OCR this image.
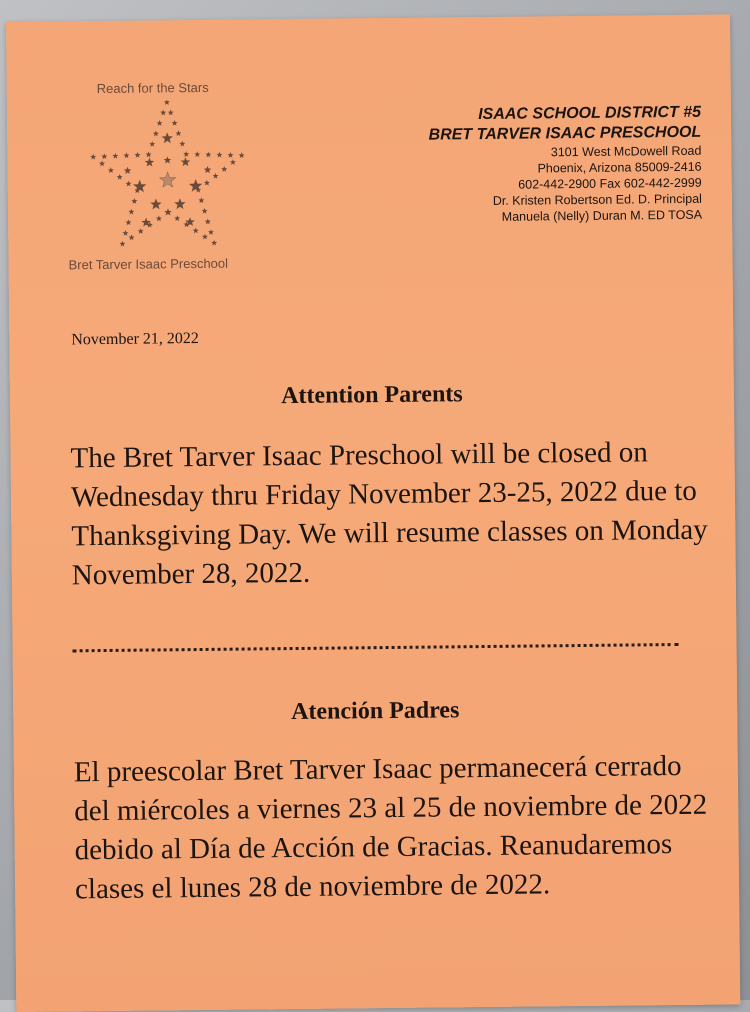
Reach for the Stars
Bret Tarver Isaac Preschool
ISAAC SCHOOL DISTRICT #5
BRET TARVER ISAAC PRESCHOOL
3101 West McDowell Road
Phoenix, Arizona 85009-2416
602-442-2900 Fax 602-442-2999
Dr. Kristen Robertson Ed. D. Principal
Manuela (Nelly) Duran M. ED TOSA
November 21, 2022
Attention Parents
The Bret Tarver Isaac Preschool will be closed on Wednesday thru Friday November 23-25, 2022 due to Thanksgiving Day. We will resume classes on Monday November 28, 2022.
Atención Padres
El preescolar Bret Tarver Isaac permanecerá cerrado del miércoles a viernes 23 al 25 de noviembre de 2022 debido al Día de Acción de Gracias. Reanudaremos clases el lunes 28 de noviembre de 2022.
